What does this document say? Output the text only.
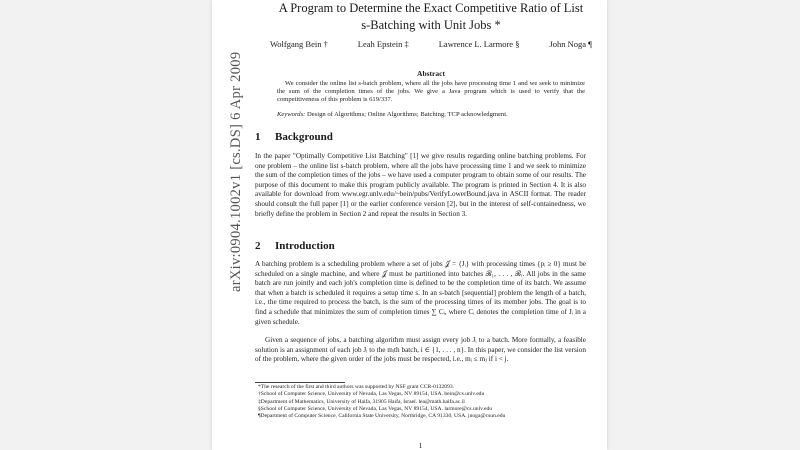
arXiv:0904.1002v1 [cs.DS] 6 Apr 2009
A Program to Determine the Exact Competitive Ratio of List
s-Batching with Unit Jobs *
Wolfgang Bein †	Leah Epstein ‡	Lawrence L. Larmore §	John Noga ¶
Abstract
We consider the online list s-batch problem, where all the jobs have processing time 1 and we seek to minimize the sum of the completion times of the jobs. We give a Java program which is used to verify that the competitiveness of this problem is 619/337.
Keywords: Design of Algorithms; Online Algorithms; Batching; TCP acknowledgment.
1 Background
In the paper "Optimally Competitive List Batching" [1] we give results regarding online batching problems. For one problem – the online list s-batch problem, where all the jobs have processing time 1 and we seek to minimize the sum of the completion times of the jobs – we have used a computer program to obtain some of our results. The purpose of this document to make this program publicly available. The program is printed in Section 4. It is also available for download from www.egr.unlv.edu/~bein/pubs/VerifyLowerBound.java in ASCII format. The reader should consult the full paper [1] or the earlier conference version [2], but in the interest of self-containedness, we briefly define the problem in Section 2 and repeat the results in Section 3.
2 Introduction
A batching problem is a scheduling problem where a set of jobs 𝒥 = {Jᵢ} with processing times {pᵢ ≥ 0} must be scheduled on a single machine, and where 𝒥 must be partitioned into batches ℬ₁, . . . , ℬᵣ. All jobs in the same batch are run jointly and each job's completion time is defined to be the completion time of its batch. We assume that when a batch is scheduled it requires a setup time s. In an s-batch [sequential] problem the length of a batch, i.e., the time required to process the batch, is the sum of the processing times of its member jobs. The goal is to find a schedule that minimizes the sum of completion times ∑ Cᵢ, where Cᵢ denotes the completion time of Jᵢ in a given schedule.
Given a sequence of jobs, a batching algorithm must assign every job Jᵢ to a batch. More formally, a feasible solution is an assignment of each job Jᵢ to the mᵢth batch, i ∈ {1, . . . , n}. In this paper, we consider the list version of the problem, where the given order of the jobs must be respected, i.e., mᵢ ≤ mⱼ if i < j.
*The research of the first and third authors was supported by NSF grant CCR-0132093.
†School of Computer Science, University of Nevada, Las Vegas, NV 89154, USA. bein@cs.unlv.edu
‡Department of Mathematics, University of Haifa, 31905 Haifa, Israel. lea@math.haifa.ac.il
§School of Computer Science, University of Nevada, Las Vegas, NV 89154, USA. larmore@cs.unlv.edu
¶Department of Computer Science, California State University, Northridge, CA 91330, USA. jnoga@csun.edu
1
